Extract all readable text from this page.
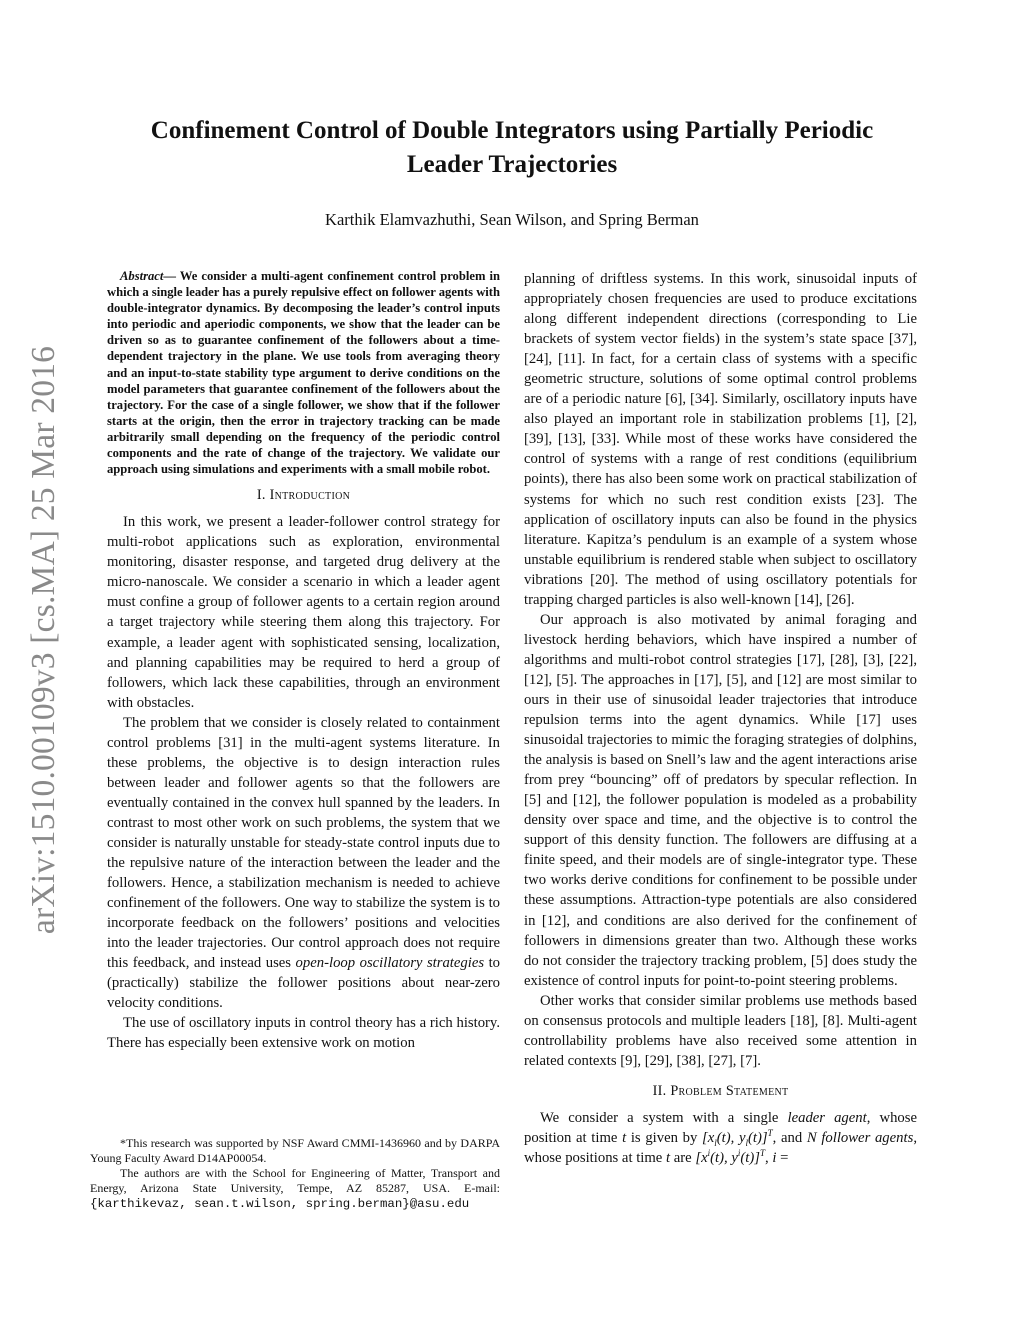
arXiv:1510.00109v3 [cs.MA] 25 Mar 2016
Confinement Control of Double Integrators using Partially Periodic
Leader Trajectories
Karthik Elamvazhuthi, Sean Wilson, and Spring Berman

Abstract— We consider a multi-agent confinement control problem in which a single leader has a purely repulsive effect on follower agents with double-integrator dynamics. By decomposing the leader’s control inputs into periodic and aperiodic components, we show that the leader can be driven so as to guarantee confinement of the followers about a time-dependent trajectory in the plane. We use tools from averaging theory and an input-to-state stability type argument to derive conditions on the model parameters that guarantee confinement of the followers about the trajectory. For the case of a single follower, we show that if the follower starts at the origin, then the error in trajectory tracking can be made arbitrarily small depending on the frequency of the periodic control components and the rate of change of the trajectory. We validate our approach using simulations and experiments with a small mobile robot.

I. Introduction

In this work, we present a leader-follower control strategy for multi-robot applications such as exploration, environmental monitoring, disaster response, and targeted drug delivery at the micro-nanoscale. We consider a scenario in which a leader agent must confine a group of follower agents to a certain region around a target trajectory while steering them along this trajectory. For example, a leader agent with sophisticated sensing, localization, and planning capabilities may be required to herd a group of followers, which lack these capabilities, through an environment with obstacles.

The problem that we consider is closely related to containment control problems [31] in the multi-agent systems literature. In these problems, the objective is to design interaction rules between leader and follower agents so that the followers are eventually contained in the convex hull spanned by the leaders. In contrast to most other work on such problems, the system that we consider is naturally unstable for steady-state control inputs due to the repulsive nature of the interaction between the leader and the followers. Hence, a stabilization mechanism is needed to achieve confinement of the followers. One way to stabilize the system is to incorporate feedback on the followers’ positions and velocities into the leader trajectories. Our control approach does not require this feedback, and instead uses open-loop oscillatory strategies to (practically) stabilize the follower positions about near-zero velocity conditions.

The use of oscillatory inputs in control theory has a rich history. There has especially been extensive work on motion

*This research was supported by NSF Award CMMI-1436960 and by DARPA Young Faculty Award D14AP00054.

The authors are with the School for Engineering of Matter, Transport and Energy, Arizona State University, Tempe, AZ 85287, USA. E-mail: {karthikevaz, sean.t.wilson, spring.berman}@asu.edu

planning of driftless systems. In this work, sinusoidal inputs of appropriately chosen frequencies are used to produce excitations along different independent directions (corresponding to Lie brackets of system vector fields) in the system’s state space [37], [24], [11]. In fact, for a certain class of systems with a specific geometric structure, solutions of some optimal control problems are of a periodic nature [6], [34]. Similarly, oscillatory inputs have also played an important role in stabilization problems [1], [2], [39], [13], [33]. While most of these works have considered the control of systems with a range of rest conditions (equilibrium points), there has also been some work on practical stabilization of systems for which no such rest condition exists [23]. The application of oscillatory inputs can also be found in the physics literature. Kapitza’s pendulum is an example of a system whose unstable equilibrium is rendered stable when subject to oscillatory vibrations [20]. The method of using oscillatory potentials for trapping charged particles is also well-known [14], [26].

Our approach is also motivated by animal foraging and livestock herding behaviors, which have inspired a number of algorithms and multi-robot control strategies [17], [28], [3], [22], [12], [5]. The approaches in [17], [5], and [12] are most similar to ours in their use of sinusoidal leader trajectories that introduce repulsion terms into the agent dynamics. While [17] uses sinusoidal trajectories to mimic the foraging strategies of dolphins, the analysis is based on Snell’s law and the agent interactions arise from prey “bouncing” off of predators by specular reflection. In [5] and [12], the follower population is modeled as a probability density over space and time, and the objective is to control the support of this density function. The followers are diffusing at a finite speed, and their models are of single-integrator type. These two works derive conditions for confinement to be possible under these assumptions. Attraction-type potentials are also considered in [12], and conditions are also derived for the confinement of followers in dimensions greater than two. Although these works do not consider the trajectory tracking problem, [5] does study the existence of control inputs for point-to-point steering problems.

Other works that consider similar problems use methods based on consensus protocols and multiple leaders [18], [8]. Multi-agent controllability problems have also received some attention in related contexts [9], [29], [38], [27], [7].

II. Problem Statement

We consider a system with a single leader agent, whose position at time t is given by [$x_l(t)$, $y_l(t)]^T$, and N follower agents, whose positions at time t are [$x^i(t)$, $y^i(t)]^T$, i =
